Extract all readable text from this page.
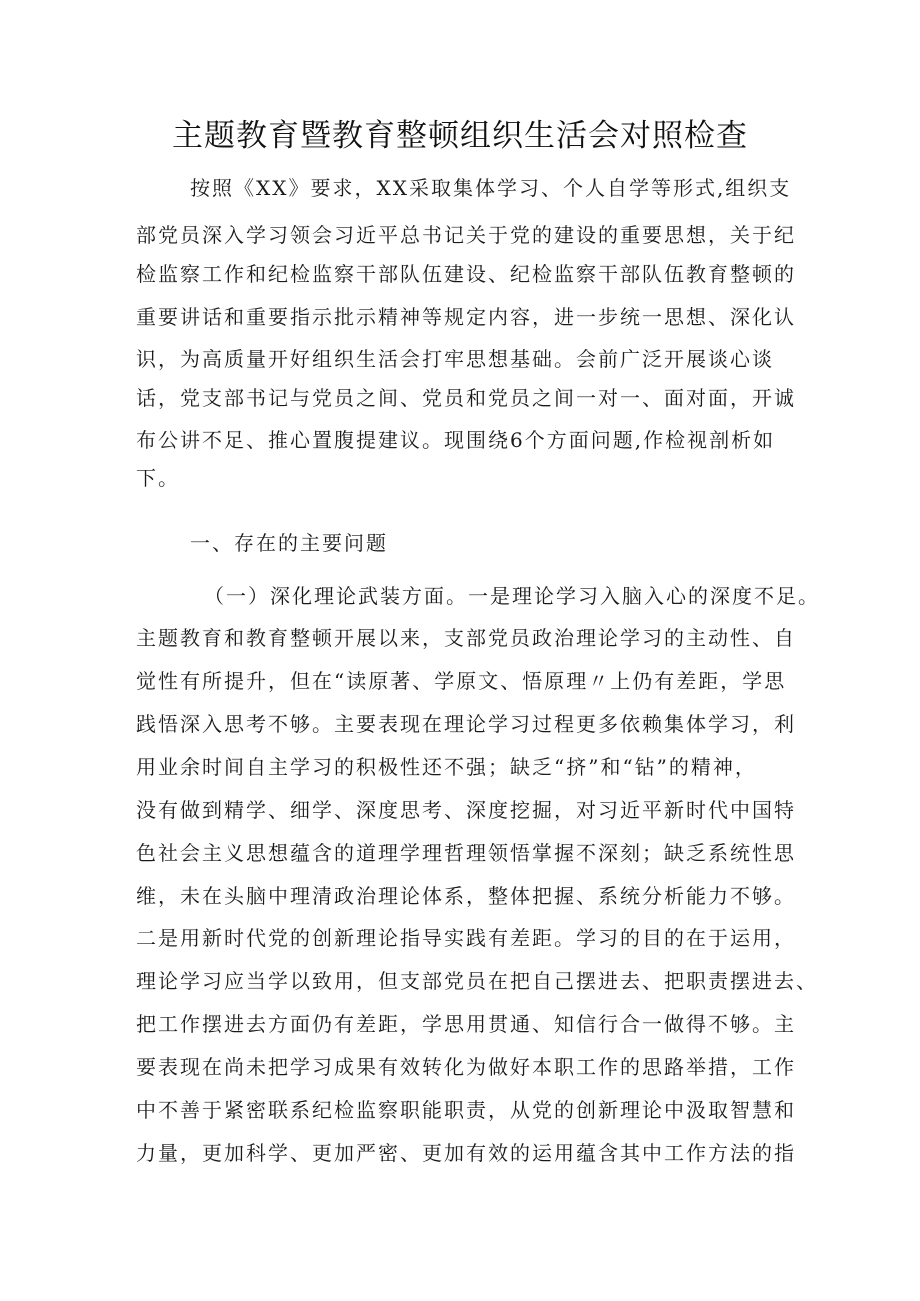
主题教育暨教育整顿组织生活会对照检查
按照《XX》要求，XX采取集体学习、个人自学等形式,组织支
部党员深入学习领会习近平总书记关于党的建设的重要思想，关于纪
检监察工作和纪检监察干部队伍建设、纪检监察干部队伍教育整顿的
重要讲话和重要指示批示精神等规定内容，进一步统一思想、深化认
识，为高质量开好组织生活会打牢思想基础。会前广泛开展谈心谈
话，党支部书记与党员之间、党员和党员之间一对一、面对面，开诚
布公讲不足、推心置腹提建议。现围绕6个方面问题,作检视剖析如
下。
一、存在的主要问题
（一）深化理论武装方面。一是理论学习入脑入心的深度不足。
主题教育和教育整顿开展以来，支部党员政治理论学习的主动性、自
觉性有所提升，但在“读原著、学原文、悟原理〃上仍有差距，学思
践悟深入思考不够。主要表现在理论学习过程更多依赖集体学习，利
用业余时间自主学习的积极性还不强；缺乏“挤”和“钻”的精神，
没有做到精学、细学、深度思考、深度挖掘，对习近平新时代中国特
色社会主义思想蕴含的道理学理哲理领悟掌握不深刻；缺乏系统性思
维，未在头脑中理清政治理论体系，整体把握、系统分析能力不够。
二是用新时代党的创新理论指导实践有差距。学习的目的在于运用，
理论学习应当学以致用，但支部党员在把自己摆进去、把职责摆进去、
把工作摆进去方面仍有差距，学思用贯通、知信行合一做得不够。主
要表现在尚未把学习成果有效转化为做好本职工作的思路举措，工作
中不善于紧密联系纪检监察职能职责，从党的创新理论中汲取智慧和
力量，更加科学、更加严密、更加有效的运用蕴含其中工作方法的指
